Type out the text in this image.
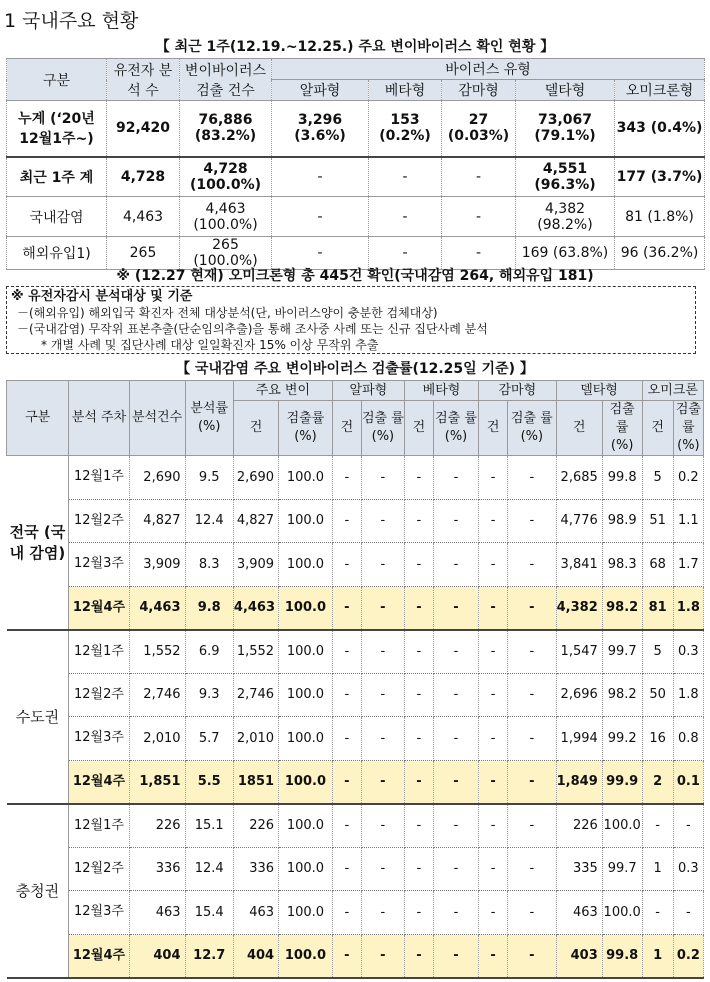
1 국내주요 현황
【 최근 1주(12.19.~12.25.) 주요 변이바이러스 확인 현황 】
구분	유전자 분석 수	변이바이러스 검출 건수	바이러스 유형				
			알파형	베타형	감마형	델타형	오미크론형
누계 (‘20년 12월1주~)	92,420	76,886 (83.2%)	3,296 (3.6%)	153 (0.2%)	27 (0.03%)	73,067 (79.1%)	343 (0.4%)
최근 1주 계	4,728	4,728 (100.0%)	-	-	-	4,551 (96.3%)	177 (3.7%)
국내감염	4,463	4,463 (100.0%)	-	-	-	4,382 (98.2%)	81 (1.8%)
해외유입1)	265	265 (100.0%)	-	-	-	169 (63.8%)	96 (36.2%)
※ (12.27 현재) 오미크론형 총 445건 확인(국내감염 264, 해외유입 181)
※ 유전자감시 분석대상 및 기준
－(해외유입) 해외입국 확진자 전체 대상분석(단, 바이러스양이 충분한 검체대상)
－(국내감염) 무작위 표본추출(단순임의추출)을 통해 조사중 사례 또는 신규 집단사례 분석
* 개별 사례 및 집단사례 대상 일일확진자 15% 이상 무작위 추출
【 국내감염 주요 변이바이러스 검출률(12.25일 기준) 】
구분	분석 주차	분석건수	분석률 (%)	주요 변이		알파형		베타형		감마형		델타형		오미크론	
				건	검출률 (%)	건	검출 률 (%)	건	검출 률 (%)	건	검출 률 (%)	건	검출 률 (%)	건	검출 률 (%)
전국 (국내 감염)	12월1주	2,690	9.5	2,690	100.0	-	-	-	-	-	-	2,685	99.8	5	0.2
	12월2주	4,827	12.4	4,827	100.0	-	-	-	-	-	-	4,776	98.9	51	1.1
	12월3주	3,909	8.3	3,909	100.0	-	-	-	-	-	-	3,841	98.3	68	1.7
	12월4주	4,463	9.8	4,463	100.0	-	-	-	-	-	-	4,382	98.2	81	1.8
수도권	12월1주	1,552	6.9	1,552	100.0	-	-	-	-	-	-	1,547	99.7	5	0.3
	12월2주	2,746	9.3	2,746	100.0	-	-	-	-	-	-	2,696	98.2	50	1.8
	12월3주	2,010	5.7	2,010	100.0	-	-	-	-	-	-	1,994	99.2	16	0.8
	12월4주	1,851	5.5	1851	100.0	-	-	-	-	-	-	1,849	99.9	2	0.1
충청권	12월1주	226	15.1	226	100.0	-	-	-	-	-	-	226	100.0	-	-
	12월2주	336	12.4	336	100.0	-	-	-	-	-	-	335	99.7	1	0.3
	12월3주	463	15.4	463	100.0	-	-	-	-	-	-	463	100.0	-	-
	12월4주	404	12.7	404	100.0	-	-	-	-	-	-	403	99.8	1	0.2
